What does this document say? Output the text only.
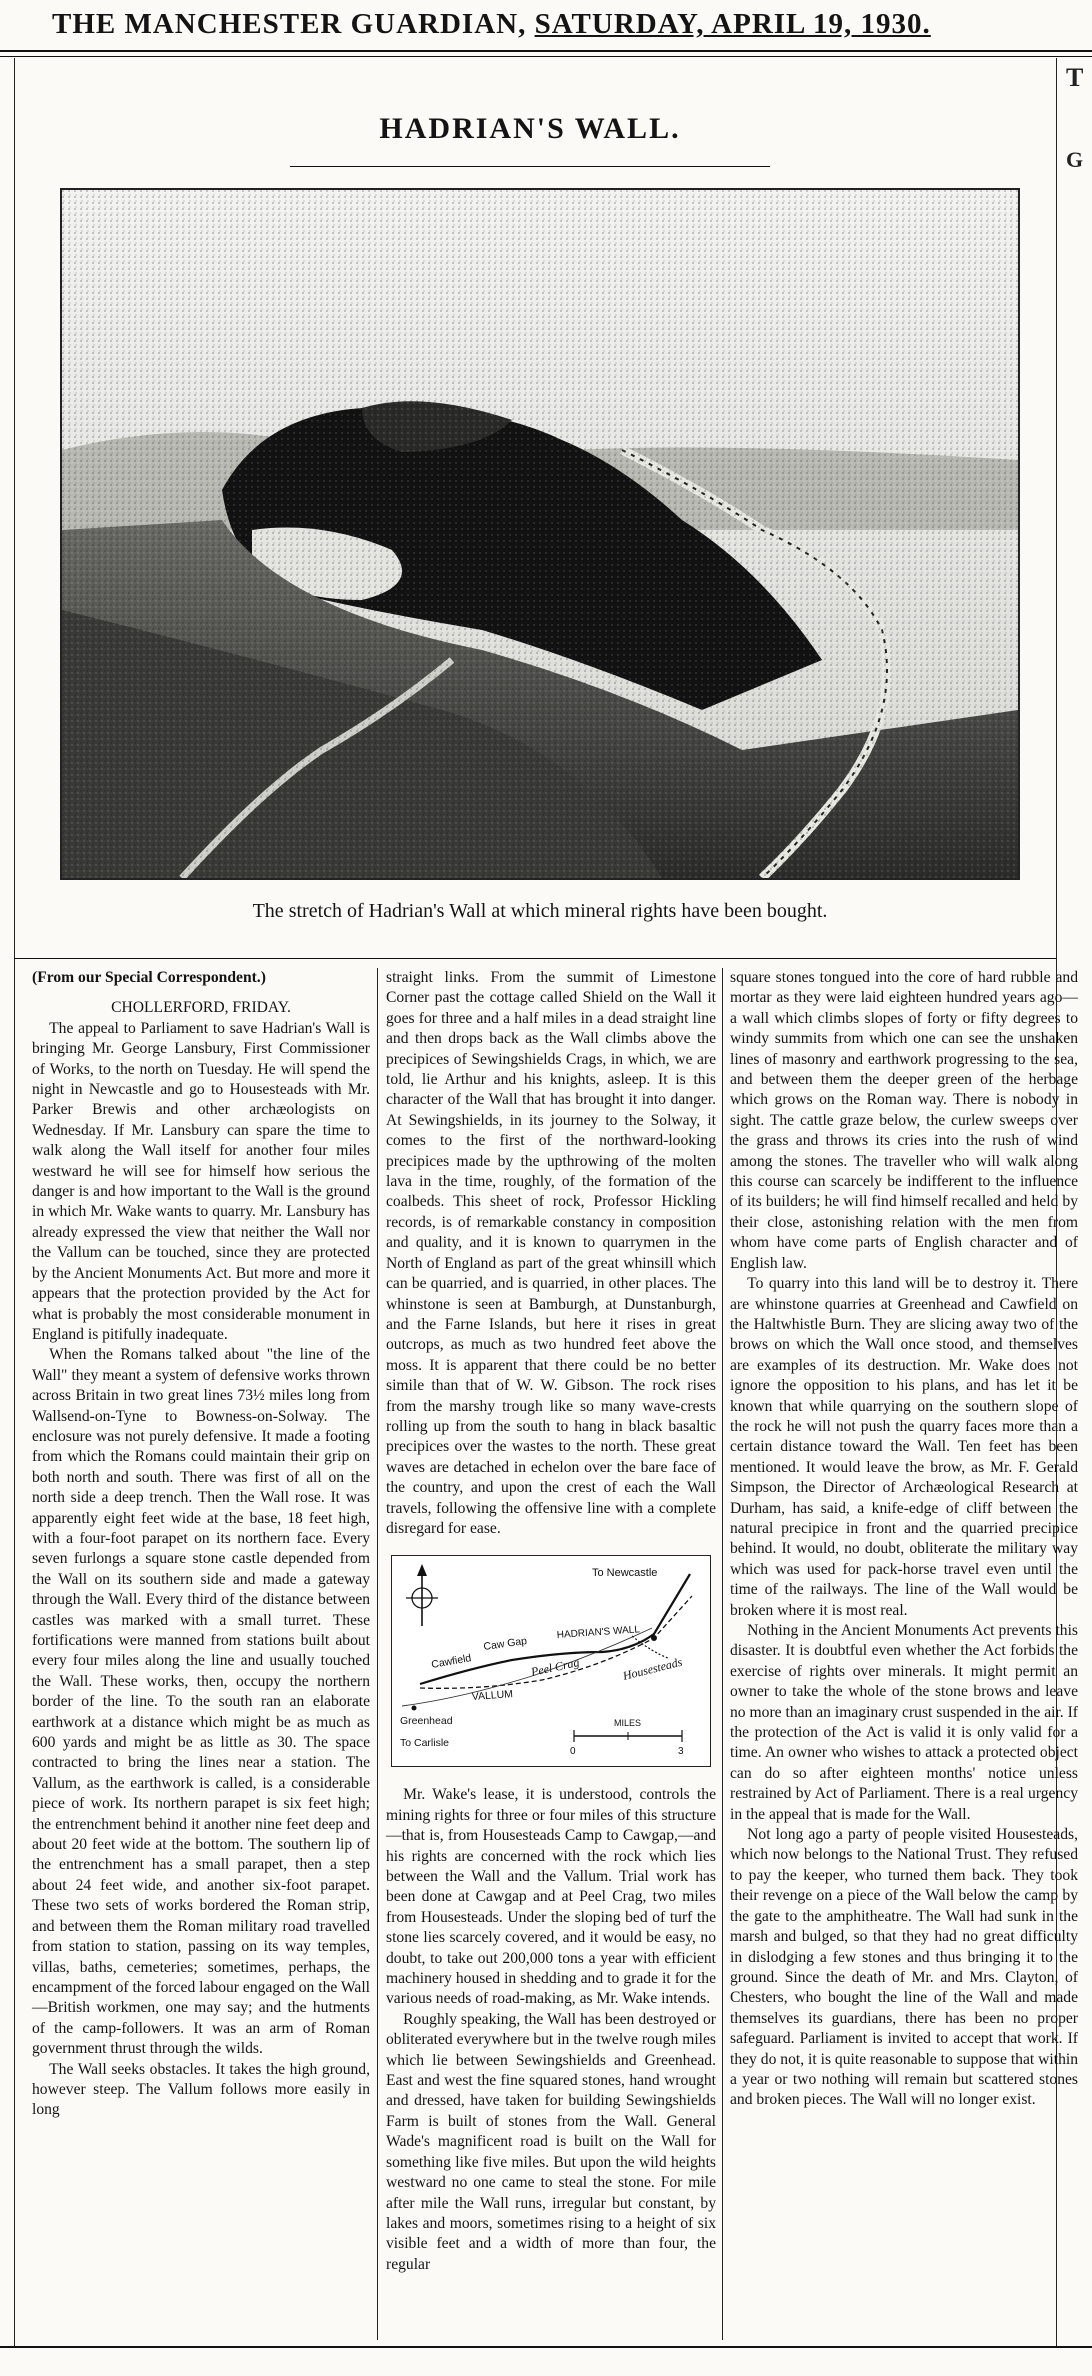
THE MANCHESTER GUARDIAN, SATURDAY, APRIL 19, 1930.
HADRIAN'S WALL.
The stretch of Hadrian's Wall at which mineral rights have been bought.

(From our Special Correspondent.)

CHOLLERFORD, FRIDAY.

The appeal to Parliament to save Hadrian's Wall is bringing Mr. George Lansbury, First Commissioner of Works, to the north on Tuesday. He will spend the night in Newcastle and go to Housesteads with Mr. Parker Brewis and other archæologists on Wednesday. If Mr. Lansbury can spare the time to walk along the Wall itself for another four miles westward he will see for himself how serious the danger is and how important to the Wall is the ground in which Mr. Wake wants to quarry. Mr. Lansbury has already expressed the view that neither the Wall nor the Vallum can be touched, since they are protected by the Ancient Monuments Act. But more and more it appears that the protection provided by the Act for what is probably the most considerable monument in England is pitifully inadequate.

When the Romans talked about "the line of the Wall" they meant a system of defensive works thrown across Britain in two great lines 73½ miles long from Wallsend-on-Tyne to Bowness-on-Solway. The enclosure was not purely defensive. It made a footing from which the Romans could maintain their grip on both north and south. There was first of all on the north side a deep trench. Then the Wall rose. It was apparently eight feet wide at the base, 18 feet high, with a four-foot parapet on its northern face. Every seven furlongs a square stone castle depended from the Wall on its southern side and made a gateway through the Wall. Every third of the distance between castles was marked with a small turret. These fortifications were manned from stations built about every four miles along the line and usually touched the Wall. These works, then, occupy the northern border of the line. To the south ran an elaborate earthwork at a distance which might be as much as 600 yards and might be as little as 30. The space contracted to bring the lines near a station. The Vallum, as the earthwork is called, is a considerable piece of work. Its northern parapet is six feet high; the entrenchment behind it another nine feet deep and about 20 feet wide at the bottom. The southern lip of the entrenchment has a small parapet, then a step about 24 feet wide, and another six-foot parapet. These two sets of works bordered the Roman strip, and between them the Roman military road travelled from station to station, passing on its way temples, villas, baths, cemeteries; sometimes, perhaps, the encampment of the forced labour engaged on the Wall—British workmen, one may say; and the hutments of the camp-followers. It was an arm of Roman government thrust through the wilds.

The Wall seeks obstacles. It takes the high ground, however steep. The Vallum follows more easily in long

straight links. From the summit of Limestone Corner past the cottage called Shield on the Wall it goes for three and a half miles in a dead straight line and then drops back as the Wall climbs above the precipices of Sewingshields Crags, in which, we are told, lie Arthur and his knights, asleep. It is this character of the Wall that has brought it into danger. At Sewingshields, in its journey to the Solway, it comes to the first of the northward-looking precipices made by the upthrowing of the molten lava in the time, roughly, of the formation of the coalbeds. This sheet of rock, Professor Hickling records, is of remarkable constancy in composition and quality, and it is known to quarrymen in the North of England as part of the great whinsill which can be quarried, and is quarried, in other places. The whinstone is seen at Bamburgh, at Dunstanburgh, and the Farne Islands, but here it rises in great outcrops, as much as two hundred feet above the moss. It is apparent that there could be no better simile than that of W. W. Gibson. The rock rises from the marshy trough like so many wave-crests rolling up from the south to hang in black basaltic precipices over the wastes to the north. These great waves are detached in echelon over the bare face of the country, and upon the crest of each the Wall travels, following the offensive line with a complete disregard for ease.

To Newcastle
Cawfield
Caw Gap
HADRIAN'S WALL
Housesteads
Peel Crag
VALLUM
Greenhead
To Carlisle
MILES
0	3

Mr. Wake's lease, it is understood, controls the mining rights for three or four miles of this structure—that is, from Housesteads Camp to Cawgap,—and his rights are concerned with the rock which lies between the Wall and the Vallum. Trial work has been done at Cawgap and at Peel Crag, two miles from Housesteads. Under the sloping bed of turf the stone lies scarcely covered, and it would be easy, no doubt, to take out 200,000 tons a year with efficient machinery housed in shedding and to grade it for the various needs of road-making, as Mr. Wake intends.

Roughly speaking, the Wall has been destroyed or obliterated everywhere but in the twelve rough miles which lie between Sewingshields and Greenhead. East and west the fine squared stones, hand wrought and dressed, have taken for building Sewingshields Farm is built of stones from the Wall. General Wade's magnificent road is built on the Wall for something like five miles. But upon the wild heights westward no one came to steal the stone. For mile after mile the Wall runs, irregular but constant, by lakes and moors, sometimes rising to a height of six visible feet and a width of more than four, the regular

square stones tongued into the core of hard rubble and mortar as they were laid eighteen hundred years ago—a wall which climbs slopes of forty or fifty degrees to windy summits from which one can see the unshaken lines of masonry and earthwork progressing to the sea, and between them the deeper green of the herbage which grows on the Roman way. There is nobody in sight. The cattle graze below, the curlew sweeps over the grass and throws its cries into the rush of wind among the stones. The traveller who will walk along this course can scarcely be indifferent to the influence of its builders; he will find himself recalled and held by their close, astonishing relation with the men from whom have come parts of English character and of English law.

To quarry into this land will be to destroy it. There are whinstone quarries at Greenhead and Cawfield on the Haltwhistle Burn. They are slicing away two of the brows on which the Wall once stood, and themselves are examples of its destruction. Mr. Wake does not ignore the opposition to his plans, and has let it be known that while quarrying on the southern slope of the rock he will not push the quarry faces more than a certain distance toward the Wall. Ten feet has been mentioned. It would leave the brow, as Mr. F. Gerald Simpson, the Director of Archæological Research at Durham, has said, a knife-edge of cliff between the natural precipice in front and the quarried precipice behind. It would, no doubt, obliterate the military way which was used for pack-horse travel even until the time of the railways. The line of the Wall would be broken where it is most real.

Nothing in the Ancient Monuments Act prevents this disaster. It is doubtful even whether the Act forbids the exercise of rights over minerals. It might permit an owner to take the whole of the stone brows and leave no more than an imaginary crust suspended in the air. If the protection of the Act is valid it is only valid for a time. An owner who wishes to attack a protected object can do so after eighteen months' notice unless restrained by Act of Parliament. There is a real urgency in the appeal that is made for the Wall.

Not long ago a party of people visited Housesteads, which now belongs to the National Trust. They refused to pay the keeper, who turned them back. They took their revenge on a piece of the Wall below the camp by the gate to the amphitheatre. The Wall had sunk in the marsh and bulged, so that they had no great difficulty in dislodging a few stones and thus bringing it to the ground. Since the death of Mr. and Mrs. Clayton, of Chesters, who bought the line of the Wall and made themselves its guardians, there has been no proper safeguard. Parliament is invited to accept that work. If they do not, it is quite reasonable to suppose that within a year or two nothing will remain but scattered stones and broken pieces. The Wall will no longer exist.

T
G
